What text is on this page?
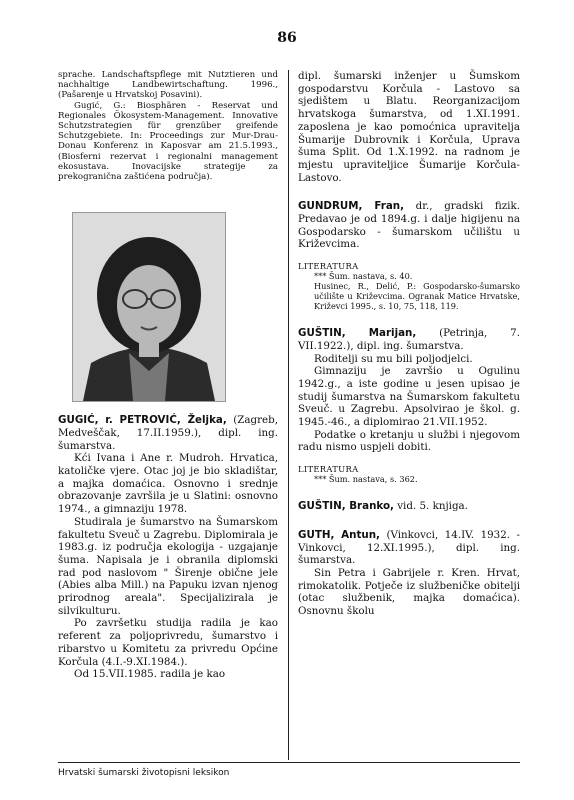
86

sprache. Landschaftspflege mit Nutztieren und nachhaltige Landbewirtschaftung. 1996., (Pašarenje u Hrvatskoj Posavini).

Gugić, G.: Biosphären - Reservat und Regionales Ökosystem-Management. Innovative Schutzstrategien für grenzüber greifende Schutzgebiete. In: Proceedings zur Mur-Drau-Donau Konferenz in Kaposvar am 21.5.1993., (Biosferni rezervat i regionalni management ekosustava. Inovacijske strategije za prekogranična zaštićena područja).

GUGIĆ, r. PETROVIĆ, Željka, (Zagreb, Medveščak, 17.II.1959.), dipl. ing. šumarstva.

Kći Ivana i Ane r. Mudroh. Hrvatica, katoličke vjere. Otac joj je bio skladištar, a majka domaćica. Osnovno i srednje obrazovanje završila je u Slatini: osnovno 1974., a gimnaziju 1978.

Studirala je šumarstvo na Šumarskom fakultetu Sveuč u Zagrebu. Diplomirala je 1983.g. iz područja ekologija - uzgajanje šuma. Napisala je i obranila diplomski rad pod naslovom " Širenje obične jele (Abies alba Mill.) na Papuku izvan njenog prirodnog areala". Specijalizirala je silvikulturu.

Po završetku studija radila je kao referent za poljoprivredu, šumarstvo i ribarstvo u Komitetu za privredu Općine Korčula (4.I.-9.XI.1984.).

Od 15.VII.1985. radila je kao

dipl. šumarski inženjer u Šumskom gospodarstvu Korčula - Lastovo sa sjedištem u Blatu. Reorganizacijom hrvatskoga šumarstva, od 1.XI.1991. zaposlena je kao pomoćnica upravitelja Šumarije Dubrovnik i Korčula, Uprava šuma Split. Od 1.X.1992. na radnom je mjestu upraviteljice Šumarije Korčula-Lastovo.

GUNDRUM, Fran, dr., gradski fizik. Predavao je od 1894.g. i dalje higijenu na Gospodarsko - šumarskom učilištu u Križevcima.

LITERATURA

*** Šum. nastava, s. 40.

Husinec, R., Delić, P.: Gospodarsko-šumarsko učilište u Križevcima. Ogranak Matice Hrvatske, Križevci 1995., s. 10, 75, 118, 119.

GUŠTIN, Marijan, (Petrinja, 7. VII.1922.), dipl. ing. šumarstva.

Roditelji su mu bili poljodjelci.

Gimnaziju je završio u Ogulinu 1942.g., a iste godine u jesen upisao je studij šumarstva na Šumarskom fakultetu Sveuč. u Zagrebu. Apsolvirao je škol. g. 1945.-46., a diplomirao 21.VII.1952.

Podatke o kretanju u službi i njegovom radu nismo uspjeli dobiti.

LITERATURA

*** Šum. nastava, s. 362.

GUŠTIN, Branko, vid. 5. knjiga.

GUTH, Antun, (Vinkovci, 14.IV. 1932. - Vinkovci, 12.XI.1995.), dipl. ing. šumarstva.

Sin Petra i Gabrijele r. Kren. Hrvat, rimokatolik. Potječe iz službeničke obitelji (otac službenik, majka domaćica). Osnovnu školu

Hrvatski šumarski životopisni leksikon
